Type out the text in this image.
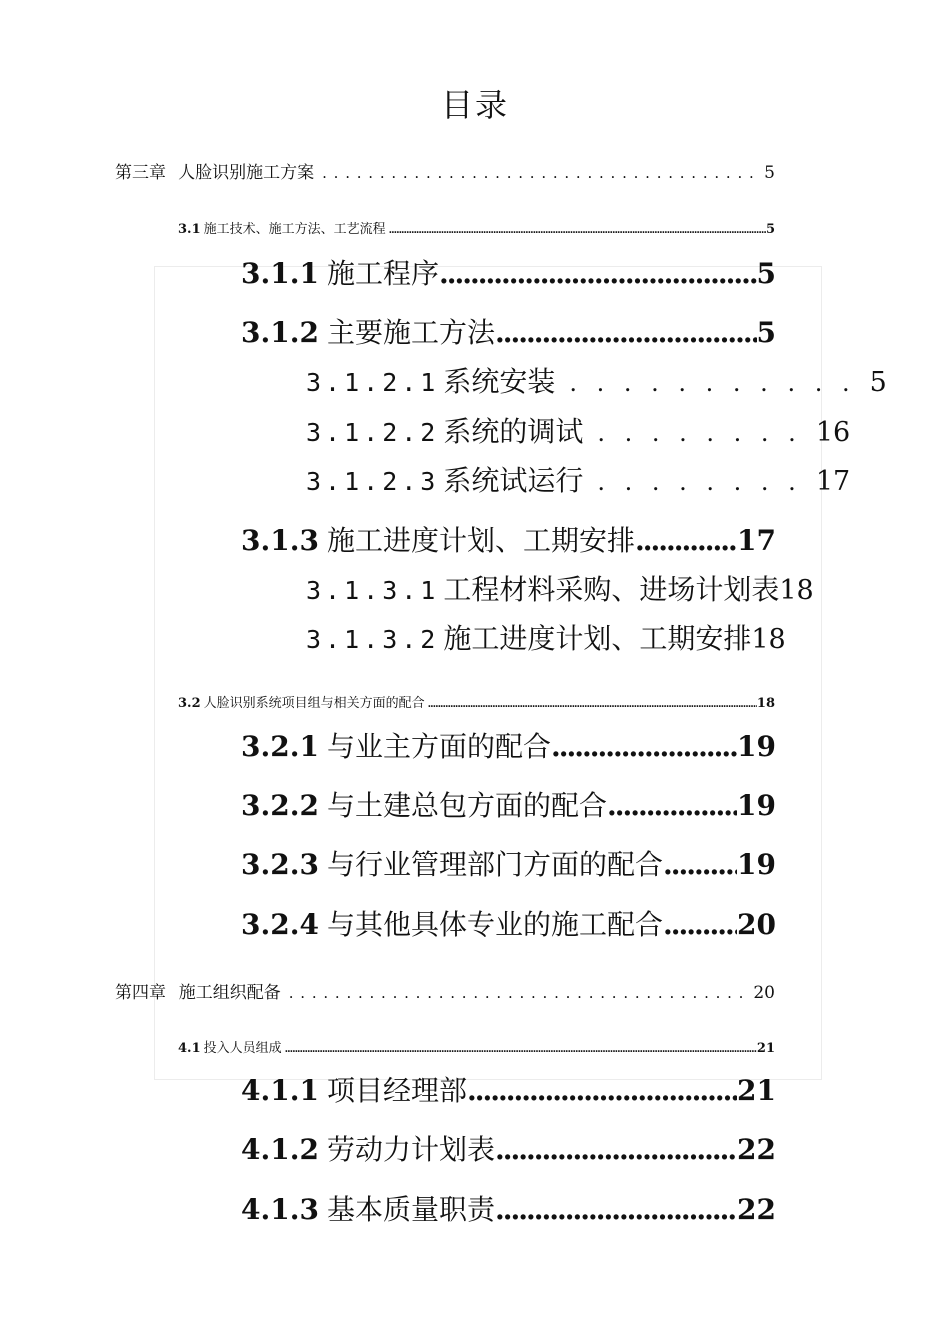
目录
第三章 人脸识别施工方案 . . .	5
3.1 施工技术、施工方法、工艺流程 .....	5
3.1.1 施工程序 .....	5
3.1.2 主要施工方法 .....	5
3.1.2.1 系统安装 . . . . . . . . . . . 5
3.1.2.2 系统的调试 . . . . . . . . 16
3.1.2.3 系统试运行 . . . . . . . . 17
3.1.3 施工进度计划、工期安排 .....	17
3.1.3.1 工程材料采购、进场计划表 18
3.1.3.2 施工进度计划、工期安排 18
3.2 人脸识别系统项目组与相关方面的配合 .....	18
3.2.1 与业主方面的配合 .....	19
3.2.2 与土建总包方面的配合 .....	19
3.2.3 与行业管理部门方面的配合 .....	19
3.2.4 与其他具体专业的施工配合 .....	20
第四章 施工组织配备 . . .	20
4.1 投入人员组成 .....	21
4.1.1 项目经理部 .....	21
4.1.2 劳动力计划表 .....	22
4.1.3 基本质量职责 .....	22
